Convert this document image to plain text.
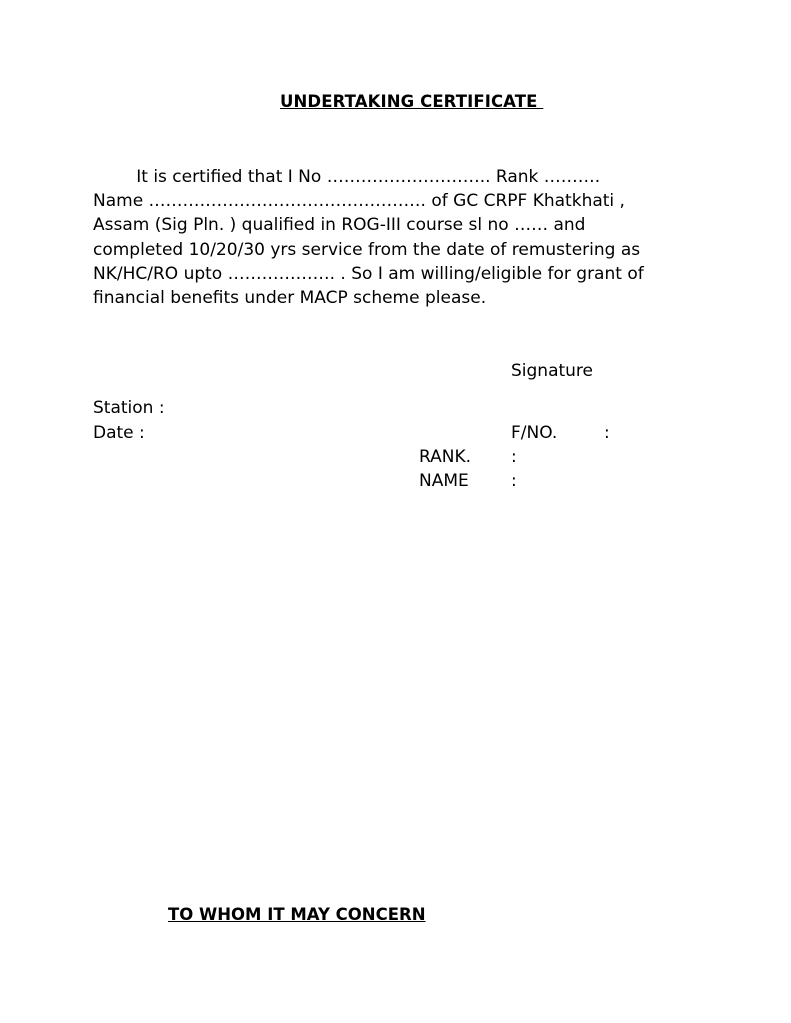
UNDERTAKING CERTIFICATE
It is certified that I No ……………………….. Rank ……….
Name …………………………………………. of GC CRPF Khatkhati ,
Assam (Sig Pln. ) qualified in ROG-III course sl no …… and
completed 10/20/30 yrs service from the date of remustering as
NK/HC/RO upto ………………. . So I am willing/eligible for grant of
financial benefits under MACP scheme please.
Signature
Station :
Date :	F/NO.	:
RANK. :
NAME :
TO WHOM IT MAY CONCERN
